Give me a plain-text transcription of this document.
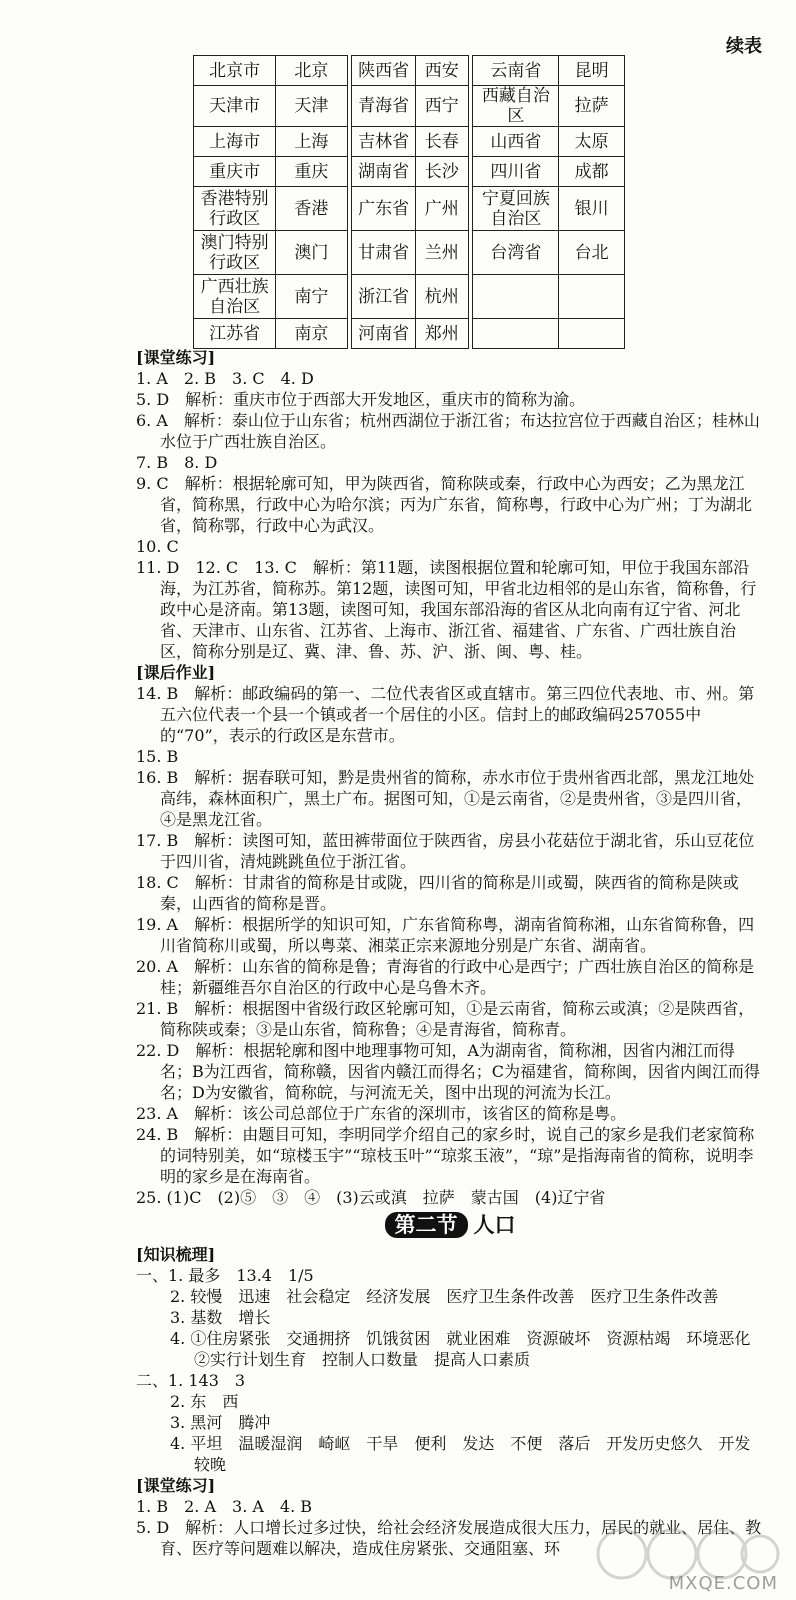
续表
北京市	北京		陕西省	西安		云南省	昆明
天津市	天津		青海省	西宁		西藏自治区	拉萨
上海市	上海		吉林省	长春		山西省	太原
重庆市	重庆		湖南省	长沙		四川省	成都
香港特别行政区	香港		广东省	广州		宁夏回族自治区	银川
澳门特别行政区	澳门		甘肃省	兰州		台湾省	台北
广西壮族自治区	南宁		浙江省	杭州			
江苏省	南京		河南省	郑州			
[课堂练习]
1. A　2. B　3. C　4. D
5. D　解析：重庆市位于西部大开发地区，重庆市的简称为渝。
6. A　解析：泰山位于山东省；杭州西湖位于浙江省；布达拉宫位于西藏自治区；桂林山水位于广西壮族自治区。
7. B　8. D
9. C　解析：根据轮廓可知，甲为陕西省，简称陕或秦，行政中心为西安；乙为黑龙江省，简称黑，行政中心为哈尔滨；丙为广东省，简称粤，行政中心为广州；丁为湖北省，简称鄂，行政中心为武汉。
10. C
11. D　12. C　13. C　解析：第11题，读图根据位置和轮廓可知，甲位于我国东部沿海，为江苏省，简称苏。第12题，读图可知，甲省北边相邻的是山东省，简称鲁，行政中心是济南。第13题，读图可知，我国东部沿海的省区从北向南有辽宁省、河北省、天津市、山东省、江苏省、上海市、浙江省、福建省、广东省、广西壮族自治区，简称分别是辽、冀、津、鲁、苏、沪、浙、闽、粤、桂。
[课后作业]
14. B　解析：邮政编码的第一、二位代表省区或直辖市。第三四位代表地、市、州。第五六位代表一个县一个镇或者一个居住的小区。信封上的邮政编码257055中的“70”，表示的行政区是东营市。
15. B
16. B　解析：据春联可知，黔是贵州省的简称，赤水市位于贵州省西北部，黑龙江地处高纬，森林面积广，黑土广布。据图可知，①是云南省，②是贵州省，③是四川省，④是黑龙江省。
17. B　解析：读图可知，蓝田裤带面位于陕西省，房县小花菇位于湖北省，乐山豆花位于四川省，清炖跳跳鱼位于浙江省。
18. C　解析：甘肃省的简称是甘或陇，四川省的简称是川或蜀，陕西省的简称是陕或秦，山西省的简称是晋。
19. A　解析：根据所学的知识可知，广东省简称粤，湖南省简称湘，山东省简称鲁，四川省简称川或蜀，所以粤菜、湘菜正宗来源地分别是广东省、湖南省。
20. A　解析：山东省的简称是鲁；青海省的行政中心是西宁；广西壮族自治区的简称是桂；新疆维吾尔自治区的行政中心是乌鲁木齐。
21. B　解析：根据图中省级行政区轮廓可知，①是云南省，简称云或滇；②是陕西省，简称陕或秦；③是山东省，简称鲁；④是青海省，简称青。
22. D　解析：根据轮廓和图中地理事物可知，A为湖南省，简称湘，因省内湘江而得名；B为江西省，简称赣，因省内赣江而得名；C为福建省，简称闽，因省内闽江而得名；D为安徽省，简称皖，与河流无关，图中出现的河流为长江。
23. A　解析：该公司总部位于广东省的深圳市，该省区的简称是粤。
24. B　解析：由题目可知，李明同学介绍自己的家乡时，说自己的家乡是我们老家简称的词特别美，如“琼楼玉宇”“琼枝玉叶”“琼浆玉液”，“琼”是指海南省的简称，说明李明的家乡是在海南省。
25. (1)C　(2)⑤　③　④　(3)云或滇　拉萨　蒙古国　(4)辽宁省
第二节 人口
[知识梳理]
一、1. 最多　13.4　1/5
2. 较慢　迅速　社会稳定　经济发展　医疗卫生条件改善　医疗卫生条件改善
3. 基数　增长
4. ①住房紧张　交通拥挤　饥饿贫困　就业困难　资源破坏　资源枯竭　环境恶化　②实行计划生育　控制人口数量　提高人口素质
二、1. 143　3
2. 东　西
3. 黑河　腾冲
4. 平坦　温暖湿润　崎岖　干旱　便利　发达　不便　落后　开发历史悠久　开发较晚
[课堂练习]
1. B　2. A　3. A　4. B
5. D　解析：人口增长过多过快，给社会经济发展造成很大压力，居民的就业、居住、教育、医疗等问题难以解决，造成住房紧张、交通阻塞、环
MXQE.COM
